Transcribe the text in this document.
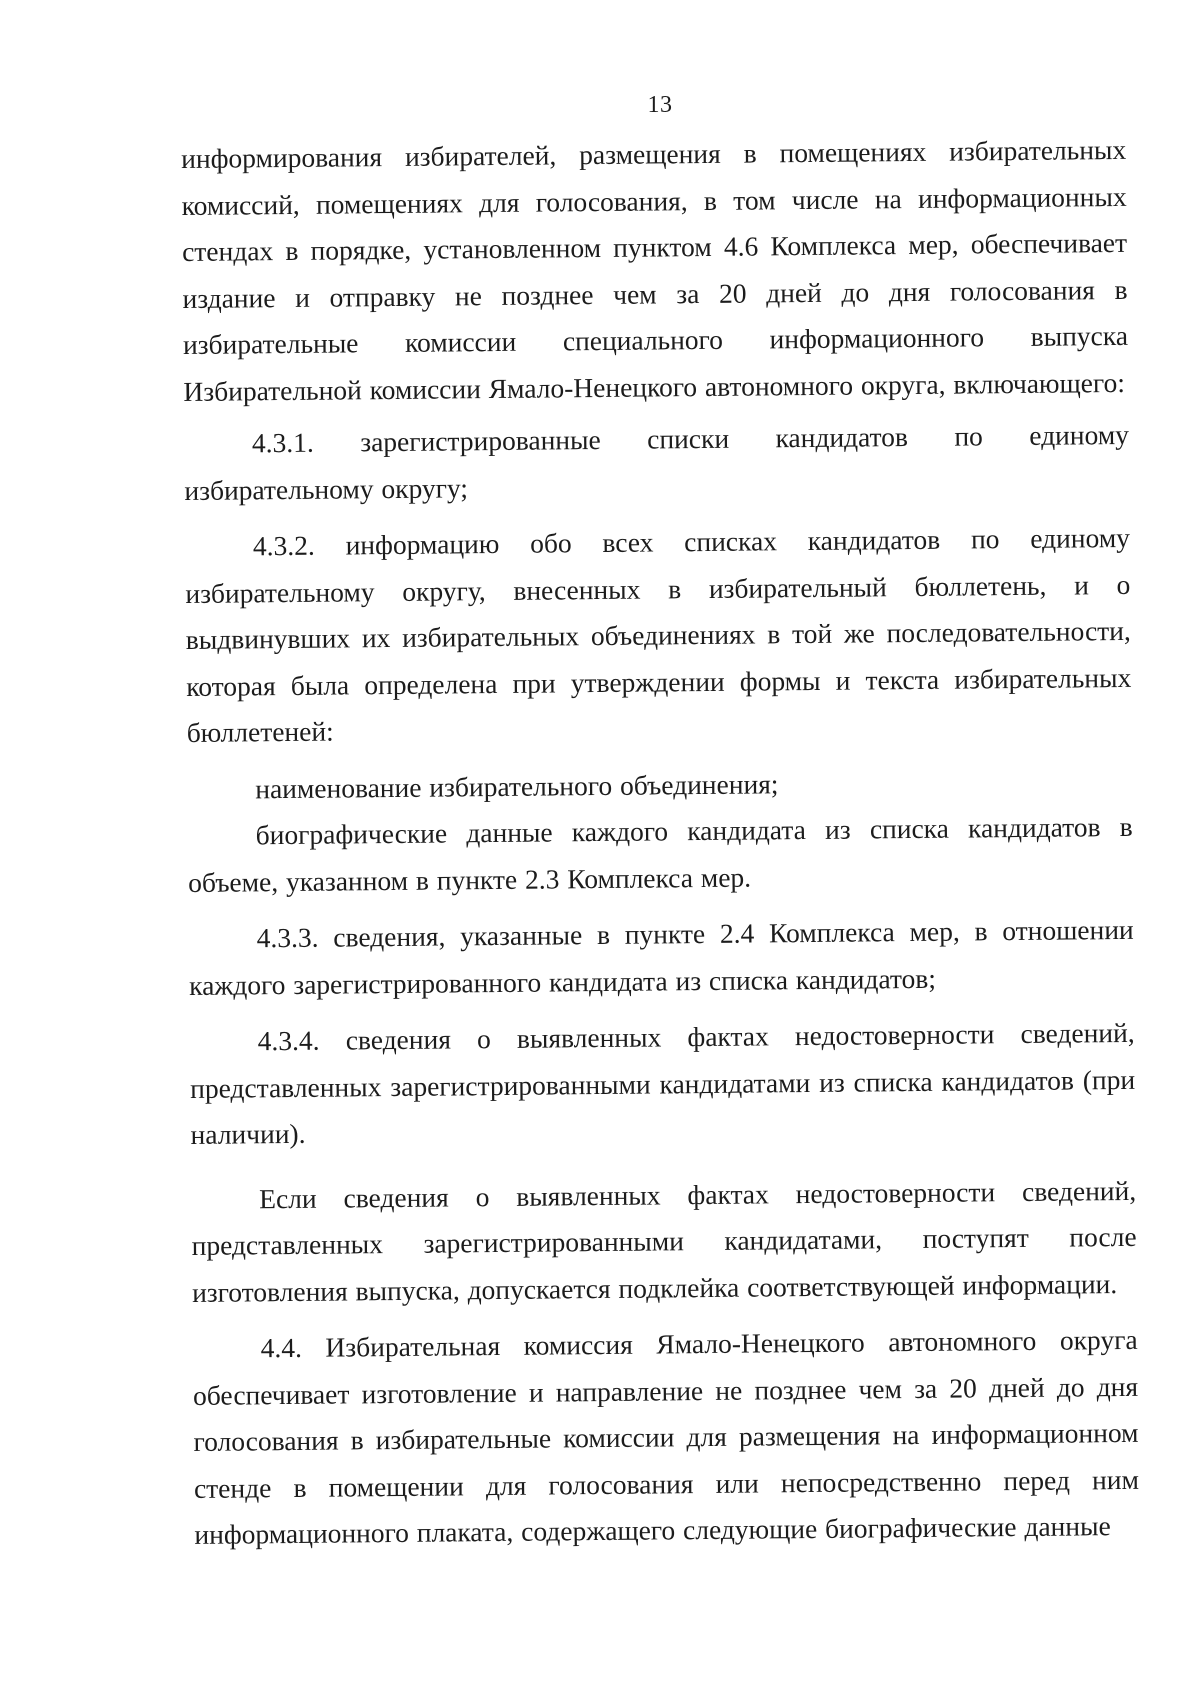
13

информирования избирателей, размещения в помещениях избирательных комиссий, помещениях для голосования, в том числе на информационных стендах в порядке, установленном пунктом 4.6 Комплекса мер, обеспечивает издание и отправку не позднее чем за 20 дней до дня голосования в избирательные комиссии специального информационного выпуска Избирательной комиссии Ямало-Ненецкого автономного округа, включающего:

4.3.1. зарегистрированные списки кандидатов по единому избирательному округу;

4.3.2. информацию обо всех списках кандидатов по единому избирательному округу, внесенных в избирательный бюллетень, и о выдвинувших их избирательных объединениях в той же последовательности, которая была определена при утверждении формы и текста избирательных бюллетеней:

наименование избирательного объединения;

биографические данные каждого кандидата из списка кандидатов в объеме, указанном в пункте 2.3 Комплекса мер.

4.3.3. сведения, указанные в пункте 2.4 Комплекса мер, в отношении каждого зарегистрированного кандидата из списка кандидатов;

4.3.4. сведения о выявленных фактах недостоверности сведений, представленных зарегистрированными кандидатами из списка кандидатов (при наличии).

Если сведения о выявленных фактах недостоверности сведений, представленных зарегистрированными кандидатами, поступят после изготовления выпуска, допускается подклейка соответствующей информации.

4.4. Избирательная комиссия Ямало-Ненецкого автономного округа обеспечивает изготовление и направление не позднее чем за 20 дней до дня голосования в избирательные комиссии для размещения на информационном стенде в помещении для голосования или непосредственно перед ним информационного плаката, содержащего следующие биографические данные
